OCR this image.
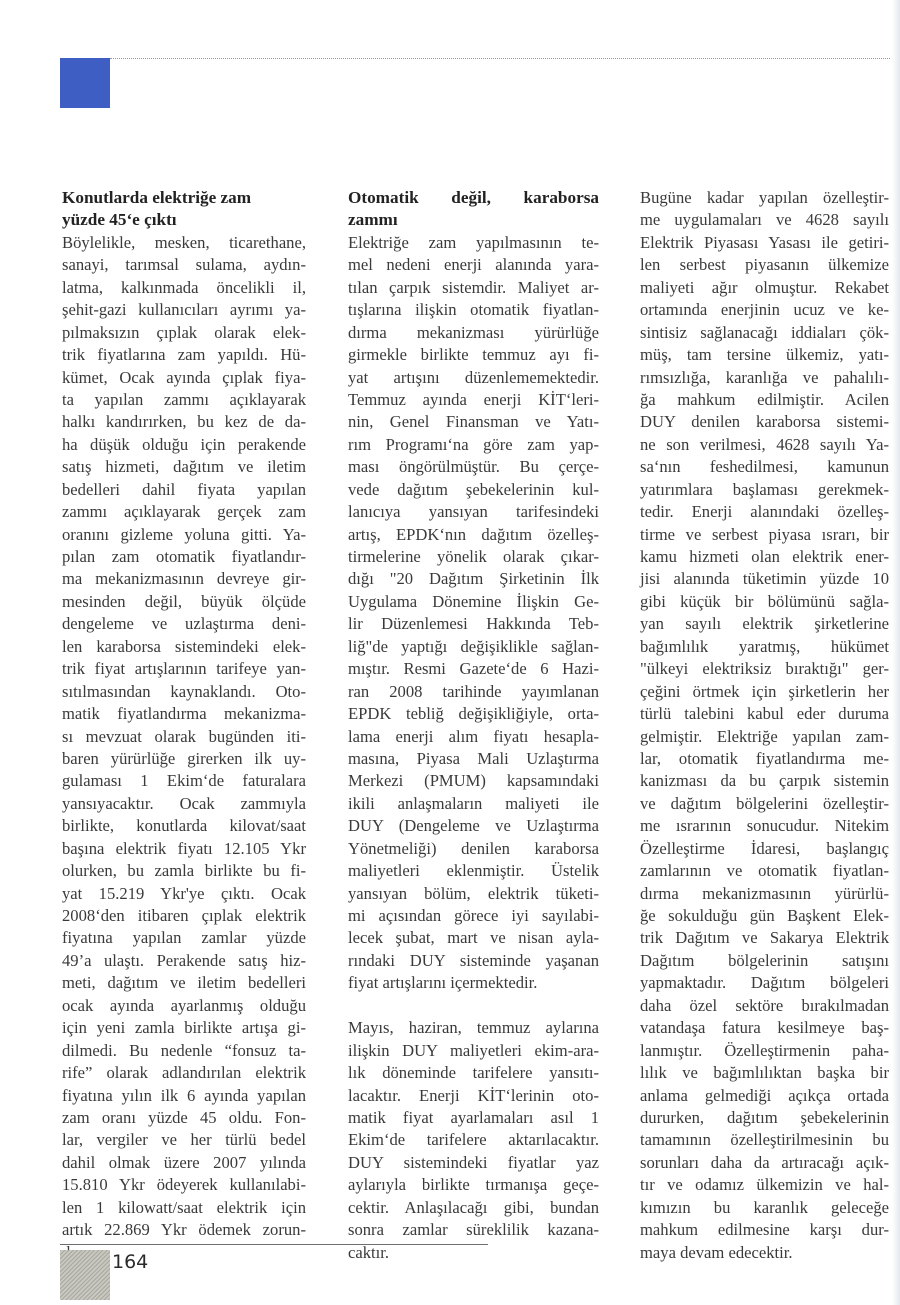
Konutlarda elektriğe zam
yüzde 45‘e çıktı
Böylelikle, mesken, ticarethane,
sanayi, tarımsal sulama, aydın-
latma, kalkınmada öncelikli il,
şehit-gazi kullanıcıları ayrımı ya-
pılmaksızın çıplak olarak elek-
trik fiyatlarına zam yapıldı. Hü-
kümet, Ocak ayında çıplak fiya-
ta yapılan zammı açıklayarak
halkı kandırırken, bu kez de da-
ha düşük olduğu için perakende
satış hizmeti, dağıtım ve iletim
bedelleri dahil fiyata yapılan
zammı açıklayarak gerçek zam
oranını gizleme yoluna gitti. Ya-
pılan zam otomatik fiyatlandır-
ma mekanizmasının devreye gir-
mesinden değil, büyük ölçüde
dengeleme ve uzlaştırma deni-
len karaborsa sistemindeki elek-
trik fiyat artışlarının tarifeye yan-
sıtılmasından kaynaklandı. Oto-
matik fiyatlandırma mekanizma-
sı mevzuat olarak bugünden iti-
baren yürürlüğe girerken ilk uy-
gulaması 1 Ekim‘de faturalara
yansıyacaktır. Ocak zammıyla
birlikte, konutlarda kilovat/saat
başına elektrik fiyatı 12.105 Ykr
olurken, bu zamla birlikte bu fi-
yat 15.219 Ykr'ye çıktı. Ocak
2008‘den itibaren çıplak elektrik
fiyatına yapılan zamlar yüzde
49’a ulaştı. Perakende satış hiz-
meti, dağıtım ve iletim bedelleri
ocak ayında ayarlanmış olduğu
için yeni zamla birlikte artışa gi-
dilmedi. Bu nedenle “fonsuz ta-
rife” olarak adlandırılan elektrik
fiyatına yılın ilk 6 ayında yapılan
zam oranı yüzde 45 oldu. Fon-
lar, vergiler ve her türlü bedel
dahil olmak üzere 2007 yılında
15.810 Ykr ödeyerek kullanılabi-
len 1 kilowatt/saat elektrik için
artık 22.869 Ykr ödemek zorun-
Otomatik değil, karaborsa
zammı
Elektriğe zam yapılmasının te-
mel nedeni enerji alanında yara-
tılan çarpık sistemdir. Maliyet ar-
tışlarına ilişkin otomatik fiyatlan-
dırma mekanizması yürürlüğe
girmekle birlikte temmuz ayı fi-
yat artışını düzenlememektedir.
Temmuz ayında enerji KİT‘leri-
nin, Genel Finansman ve Yatı-
rım Programı‘na göre zam yap-
ması öngörülmüştür. Bu çerçe-
vede dağıtım şebekelerinin kul-
lanıcıya yansıyan tarifesindeki
artış, EPDK‘nın dağıtım özelleş-
tirmelerine yönelik olarak çıkar-
dığı "20 Dağıtım Şirketinin İlk
Uygulama Dönemine İlişkin Ge-
lir Düzenlemesi Hakkında Teb-
liğ"de yaptığı değişiklikle sağlan-
mıştır. Resmi Gazete‘de 6 Hazi-
ran 2008 tarihinde yayımlanan
EPDK tebliğ değişikliğiyle, orta-
lama enerji alım fiyatı hesapla-
masına, Piyasa Mali Uzlaştırma
Merkezi (PMUM) kapsamındaki
ikili anlaşmaların maliyeti ile
DUY (Dengeleme ve Uzlaştırma
Yönetmeliği) denilen karaborsa
maliyetleri eklenmiştir. Üstelik
yansıyan bölüm, elektrik tüketi-
mi açısından görece iyi sayılabi-
lecek şubat, mart ve nisan ayla-
rındaki DUY sisteminde yaşanan
fiyat artışlarını içermektedir.
Mayıs, haziran, temmuz aylarına
ilişkin DUY maliyetleri ekim-ara-
lık döneminde tarifelere yansıtı-
lacaktır. Enerji KİT‘lerinin oto-
matik fiyat ayarlamaları asıl 1
Ekim‘de tarifelere aktarılacaktır.
DUY sistemindeki fiyatlar yaz
aylarıyla birlikte tırmanışa geçe-
cektir. Anlaşılacağı gibi, bundan
sonra zamlar süreklilik kazana-
caktır.
Bugüne kadar yapılan özelleştir-
me uygulamaları ve 4628 sayılı
Elektrik Piyasası Yasası ile getiri-
len serbest piyasanın ülkemize
maliyeti ağır olmuştur. Rekabet
ortamında enerjinin ucuz ve ke-
sintisiz sağlanacağı iddiaları çök-
müş, tam tersine ülkemiz, yatı-
rımsızlığa, karanlığa ve pahalılı-
ğa mahkum edilmiştir. Acilen
DUY denilen karaborsa sistemi-
ne son verilmesi, 4628 sayılı Ya-
sa‘nın feshedilmesi, kamunun
yatırımlara başlaması gerekmek-
tedir. Enerji alanındaki özelleş-
tirme ve serbest piyasa ısrarı, bir
kamu hizmeti olan elektrik ener-
jisi alanında tüketimin yüzde 10
gibi küçük bir bölümünü sağla-
yan sayılı elektrik şirketlerine
bağımlılık yaratmış, hükümet
"ülkeyi elektriksiz bıraktığı" ger-
çeğini örtmek için şirketlerin her
türlü talebini kabul eder duruma
gelmiştir. Elektriğe yapılan zam-
lar, otomatik fiyatlandırma me-
kanizması da bu çarpık sistemin
ve dağıtım bölgelerini özelleştir-
me ısrarının sonucudur. Nitekim
Özelleştirme İdaresi, başlangıç
zamlarının ve otomatik fiyatlan-
dırma mekanizmasının yürürlü-
ğe sokulduğu gün Başkent Elek-
trik Dağıtım ve Sakarya Elektrik
Dağıtım bölgelerinin satışını
yapmaktadır. Dağıtım bölgeleri
daha özel sektöre bırakılmadan
vatandaşa fatura kesilmeye baş-
lanmıştır. Özelleştirmenin paha-
lılık ve bağımlılıktan başka bir
anlama gelmediği açıkça ortada
dururken, dağıtım şebekelerinin
tamamının özelleştirilmesinin bu
sorunları daha da artıracağı açık-
tır ve odamız ülkemizin ve hal-
kımızın bu karanlık geleceğe
mahkum edilmesine karşı dur-
maya devam edecektir.
164
